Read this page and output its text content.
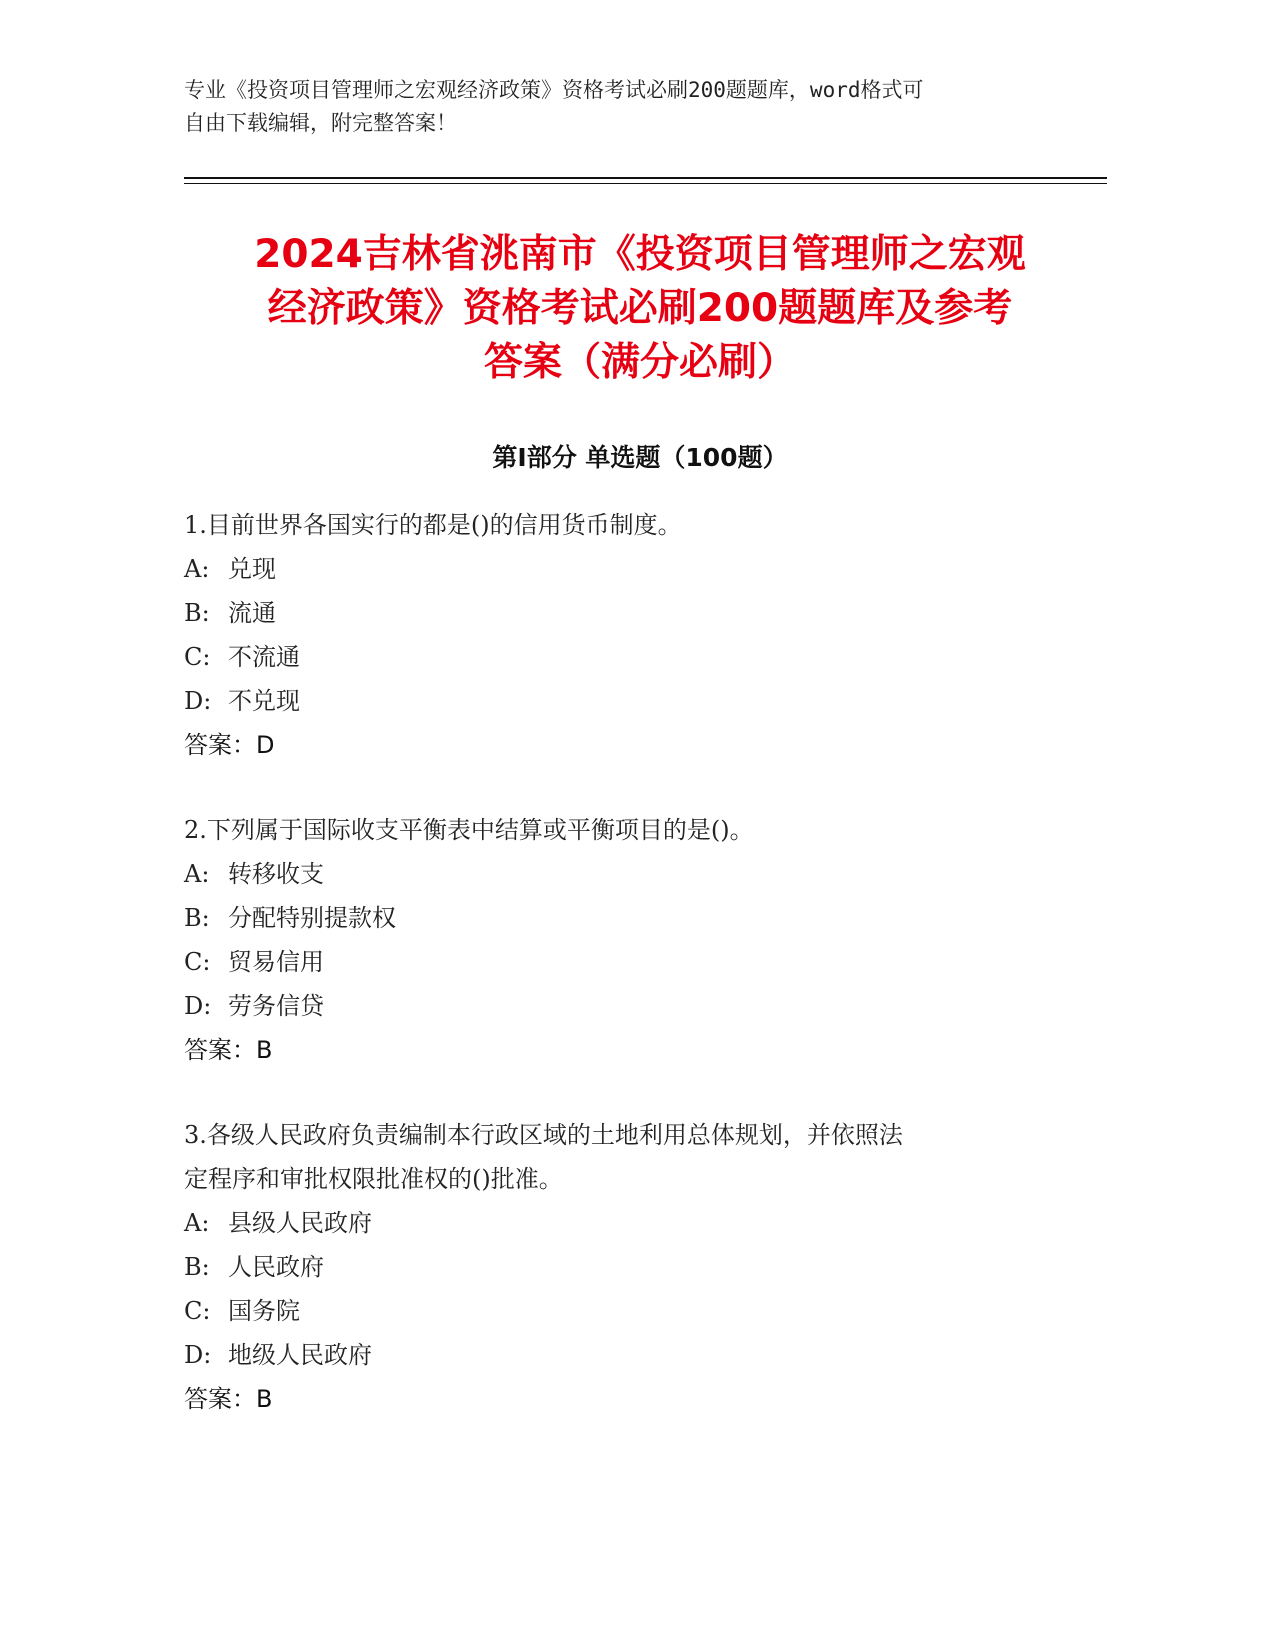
专业《投资项目管理师之宏观经济政策》资格考试必刷200题题库，word格式可
自由下载编辑，附完整答案！
2024吉林省洮南市《投资项目管理师之宏观
经济政策》资格考试必刷200题题库及参考
答案（满分必刷）
第I部分 单选题（100题）
1.目前世界各国实行的都是()的信用货币制度。
A: 兑现
B: 流通
C: 不流通
D: 不兑现
答案：D
2.下列属于国际收支平衡表中结算或平衡项目的是()。
A: 转移收支
B: 分配特别提款权
C: 贸易信用
D: 劳务信贷
答案：B
3.各级人民政府负责编制本行政区域的土地利用总体规划，并依照法
定程序和审批权限批准权的()批准。
A: 县级人民政府
B: 人民政府
C: 国务院
D: 地级人民政府
答案：B
